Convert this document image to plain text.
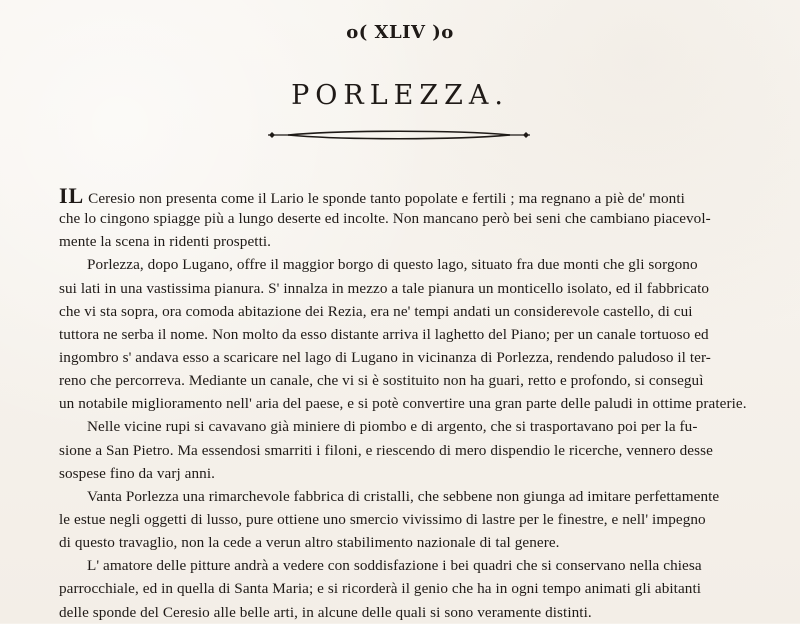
o( XLIV )o
PORLEZZA.
IL Ceresio non presenta come il Lario le sponde tanto popolate e fertili ; ma regnano a piè de' monti
che lo cingono spiagge più a lungo deserte ed incolte. Non mancano però bei seni che cambiano piacevol-
mente la scena in ridenti prospetti.
Porlezza, dopo Lugano, offre il maggior borgo di questo lago, situato fra due monti che gli sorgono
sui lati in una vastissima pianura. S' innalza in mezzo a tale pianura un monticello isolato, ed il fabbricato
che vi sta sopra, ora comoda abitazione dei Rezia, era ne' tempi andati un considerevole castello, di cui
tuttora ne serba il nome. Non molto da esso distante arriva il laghetto del Piano; per un canale tortuoso ed
ingombro s' andava esso a scaricare nel lago di Lugano in vicinanza di Porlezza, rendendo paludoso il ter-
reno che percorreva. Mediante un canale, che vi si è sostituito non ha guari, retto e profondo, si conseguì
un notabile miglioramento nell' aria del paese, e si potè convertire una gran parte delle paludi in ottime praterie.
Nelle vicine rupi si cavavano già miniere di piombo e di argento, che si trasportavano poi per la fu-
sione a San Pietro. Ma essendosi smarriti i filoni, e riescendo di mero dispendio le ricerche, vennero desse
sospese fino da varj anni.
Vanta Porlezza una rimarchevole fabbrica di cristalli, che sebbene non giunga ad imitare perfettamente
le estue negli oggetti di lusso, pure ottiene uno smercio vivissimo di lastre per le finestre, e nell' impegno
di questo travaglio, non la cede a verun altro stabilimento nazionale di tal genere.
L' amatore delle pitture andrà a vedere con soddisfazione i bei quadri che si conservano nella chiesa
parrocchiale, ed in quella di Santa Maria; e si ricorderà il genio che ha in ogni tempo animati gli abitanti
delle sponde del Ceresio alle belle arti, in alcune delle quali si sono veramente distinti.
